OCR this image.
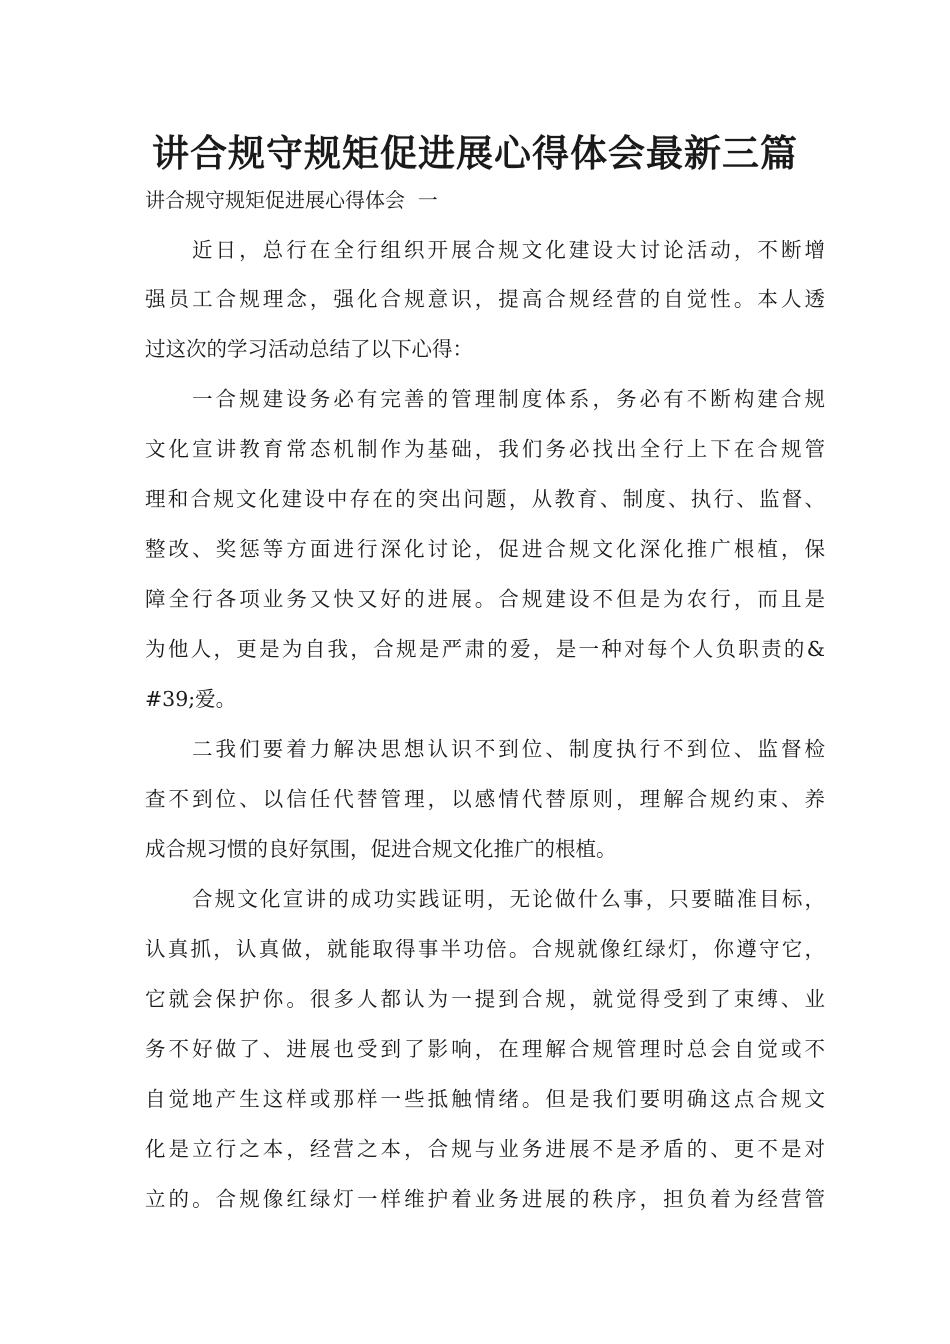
讲合规守规矩促进展心得体会最新三篇

讲合规守规矩促进展心得体会  一

近日，总行在全行组织开展合规文化建设大讨论活动，不断增

强员工合规理念，强化合规意识，提高合规经营的自觉性。本人透

过这次的学习活动总结了以下心得：

一合规建设务必有完善的管理制度体系，务必有不断构建合规

文化宣讲教育常态机制作为基础，我们务必找出全行上下在合规管

理和合规文化建设中存在的突出问题，从教育、制度、执行、监督、

整改、奖惩等方面进行深化讨论，促进合规文化深化推广根植，保

障全行各项业务又快又好的进展。合规建设不但是为农行，而且是

为他人，更是为自我，合规是严肃的爱，是一种对每个人负职责的&

#39;爱。

二我们要着力解决思想认识不到位、制度执行不到位、监督检

查不到位、以信任代替管理，以感情代替原则，理解合规约束、养

成合规习惯的良好氛围，促进合规文化推广的根植。

合规文化宣讲的成功实践证明，无论做什么事，只要瞄准目标，

认真抓，认真做，就能取得事半功倍。合规就像红绿灯，你遵守它，

它就会保护你。很多人都认为一提到合规，就觉得受到了束缚、业

务不好做了、进展也受到了影响，在理解合规管理时总会自觉或不

自觉地产生这样或那样一些抵触情绪。但是我们要明确这点合规文

化是立行之本，经营之本，合规与业务进展不是矛盾的、更不是对

立的。合规像红绿灯一样维护着业务进展的秩序，担负着为经营管
